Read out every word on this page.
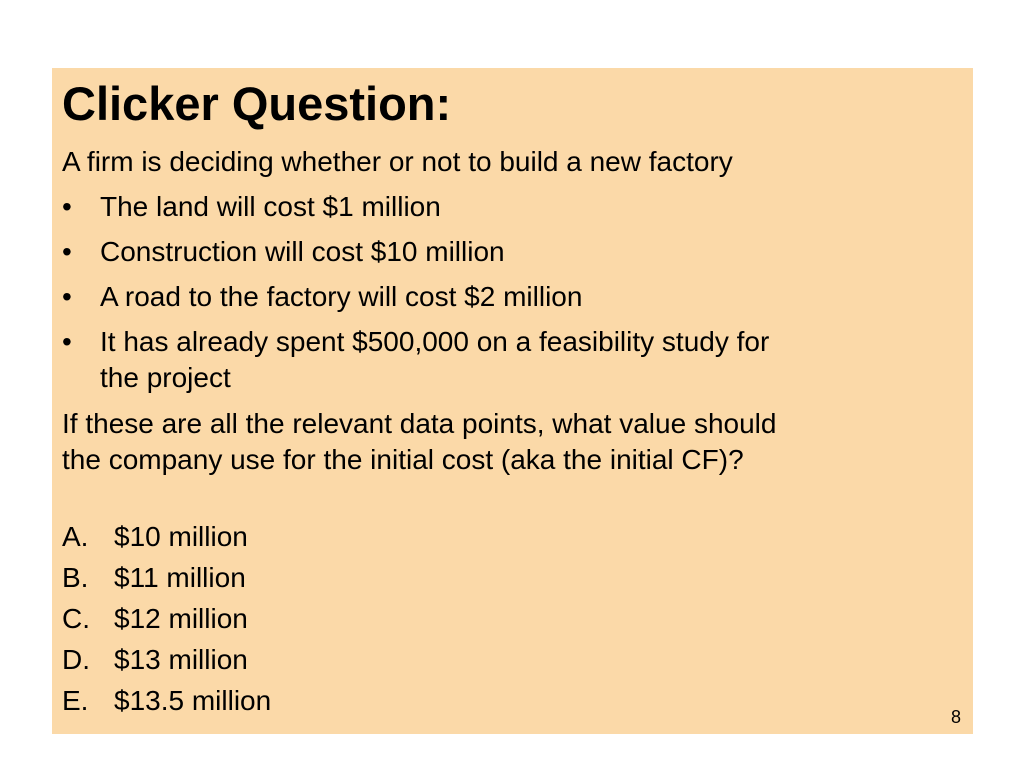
Clicker Question:
A firm is deciding whether or not to build a new factory
• The land will cost $1 million
• Construction will cost $10 million
• A road to the factory will cost $2 million
• It has already spent $500,000 on a feasibility study for
the project
If these are all the relevant data points, what value should
the company use for the initial cost (aka the initial CF)?
A. $10 million
B. $11 million
C. $12 million
D. $13 million
E. $13.5 million
8
